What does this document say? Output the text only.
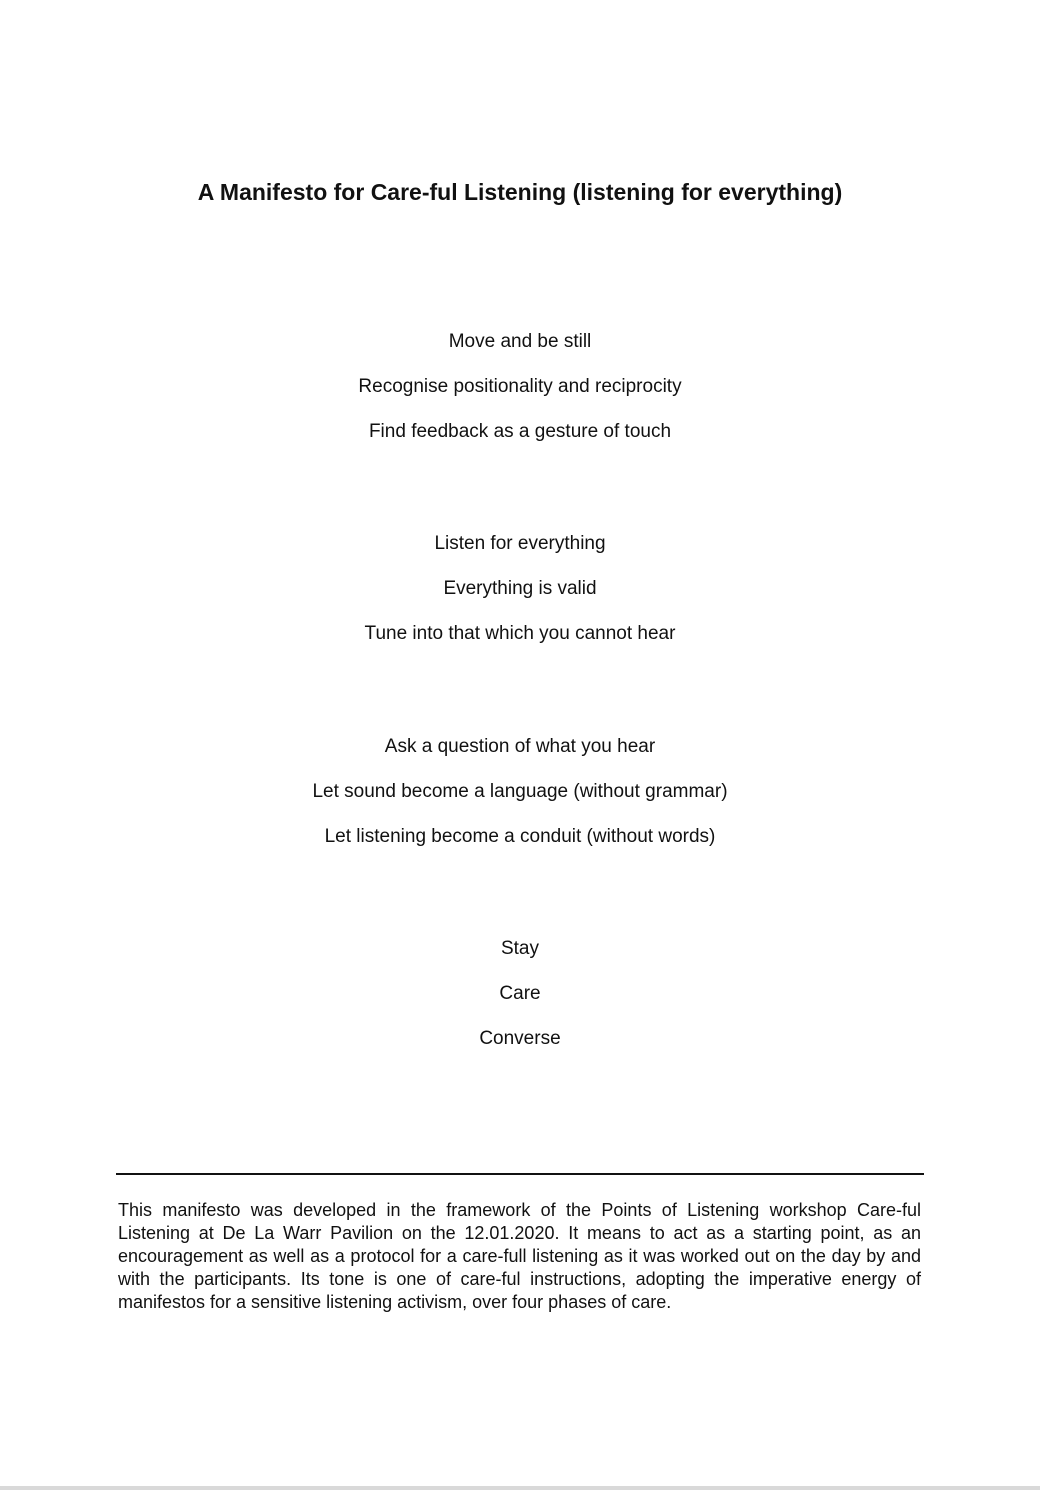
A Manifesto for Care-ful Listening (listening for everything)
Move and be still
Recognise positionality and reciprocity
Find feedback as a gesture of touch
Listen for everything
Everything is valid
Tune into that which you cannot hear
Ask a question of what you hear
Let sound become a language (without grammar)
Let listening become a conduit (without words)
Stay
Care
Converse

This manifesto was developed in the framework of the Points of Listening workshop Care-ful Listening at De La Warr Pavilion on the 12.01.2020. It means to act as a starting point, as an encouragement as well as a protocol for a care-full listening as it was worked out on the day by and with the participants. Its tone is one of care-ful instructions, adopting the imperative energy of manifestos for a sensitive listening activism, over four phases of care.
